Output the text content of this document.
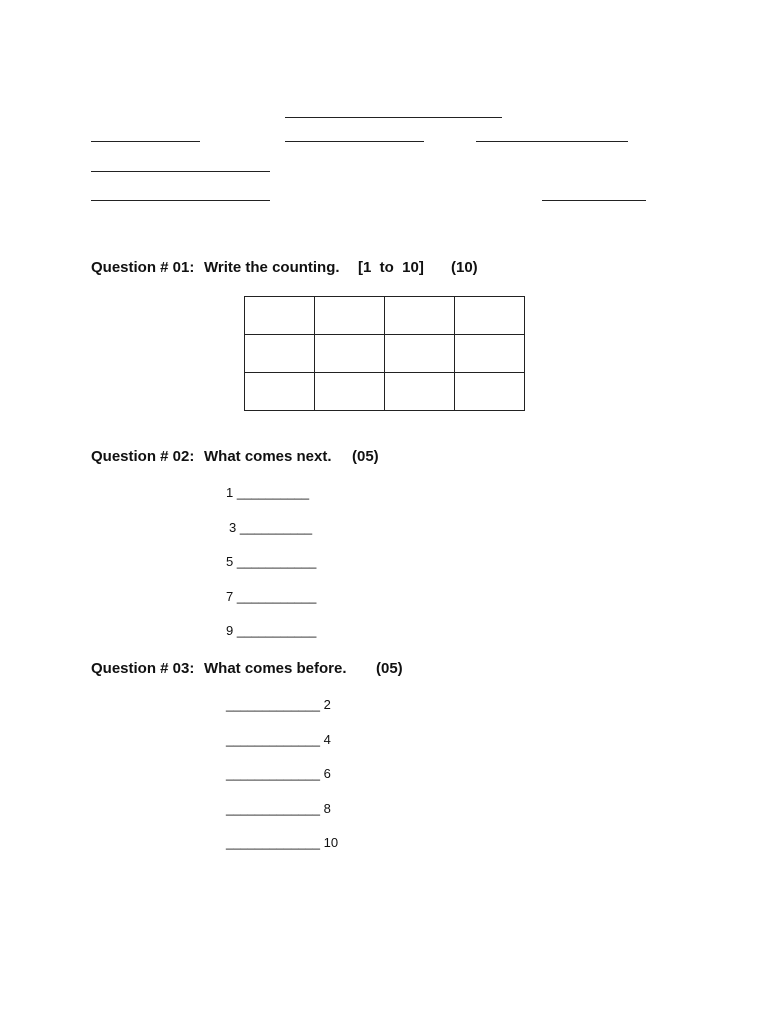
Question # 01: Write the counting. [1  to  10] (10)

Question # 02: What comes next. (05)
1 __________
3 __________
5 ___________
7 ___________
9 ___________
Question # 03: What comes before. (05)
_____________ 2
_____________ 4
_____________ 6
_____________ 8
_____________ 10
